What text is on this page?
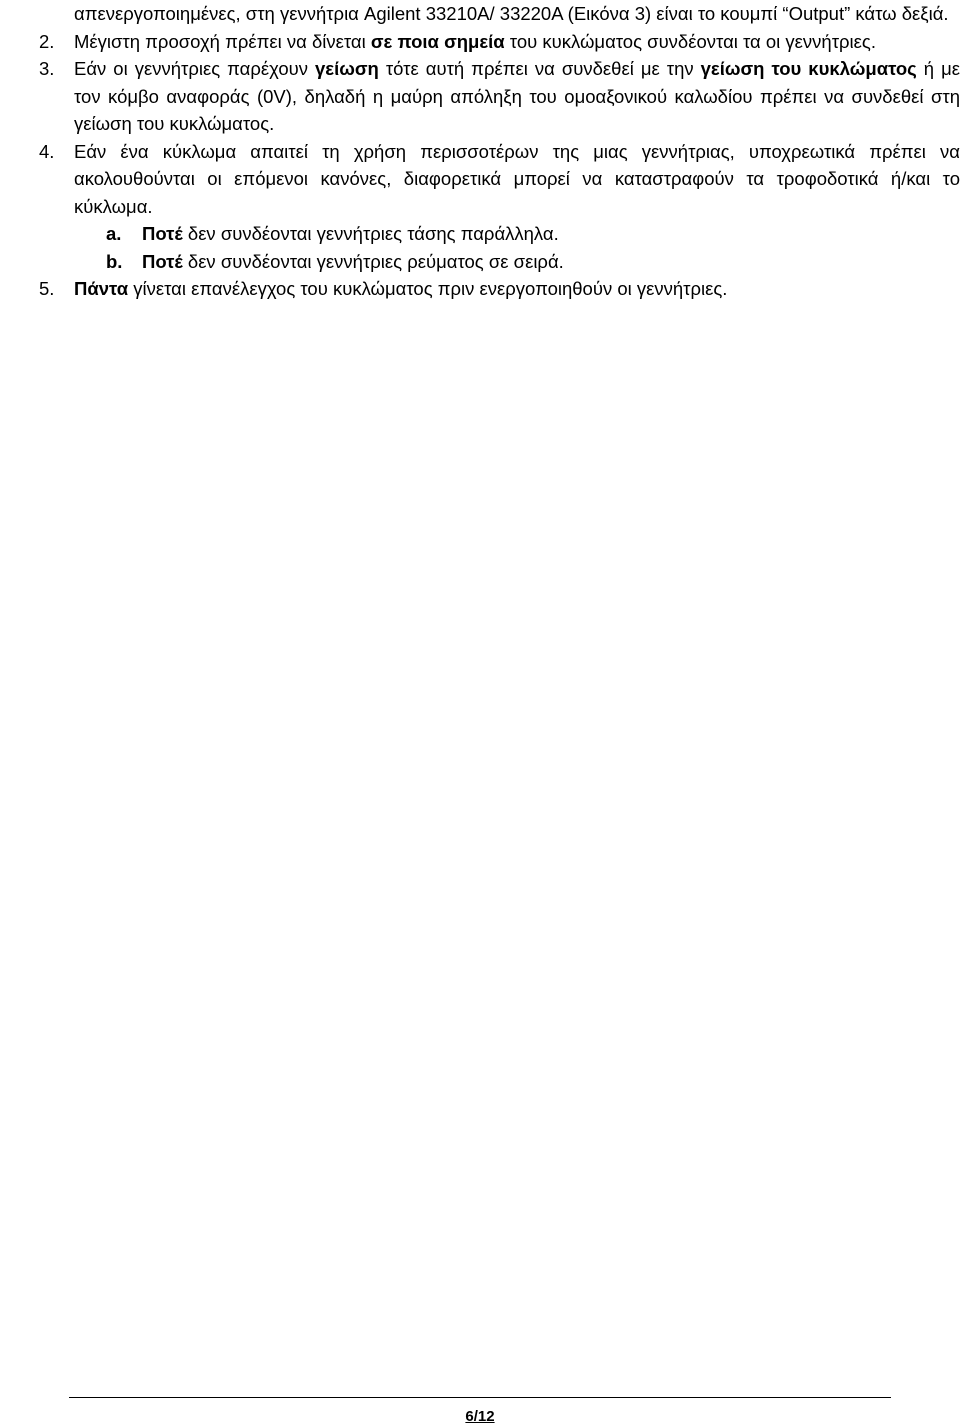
απενεργοποιημένες, στη γεννήτρια Agilent 33210A/ 33220A (Εικόνα 3) είναι το κουμπί “Output” κάτω δεξιά.
2. Μέγιστη προσοχή πρέπει να δίνεται σε ποια σημεία του κυκλώματος συνδέονται τα οι γεννήτριες.
3. Εάν οι γεννήτριες παρέχουν γείωση τότε αυτή πρέπει να συνδεθεί με την γείωση του κυκλώματος ή με τον κόμβο αναφοράς (0V), δηλαδή η μαύρη απόληξη του ομοαξονικού καλωδίου πρέπει να συνδεθεί στη γείωση του κυκλώματος.
4. Εάν ένα κύκλωμα απαιτεί τη χρήση περισσοτέρων της μιας γεννήτριας, υποχρεωτικά πρέπει να ακολουθούνται οι επόμενοι κανόνες, διαφορετικά μπορεί να καταστραφούν τα τροφοδοτικά ή/και το κύκλωμα.
a. Ποτέ δεν συνδέονται γεννήτριες τάσης παράλληλα.
b. Ποτέ δεν συνδέονται γεννήτριες ρεύματος σε σειρά.
5. Πάντα γίνεται επανέλεγχος του κυκλώματος πριν ενεργοποιηθούν οι γεννήτριες.
6/12
